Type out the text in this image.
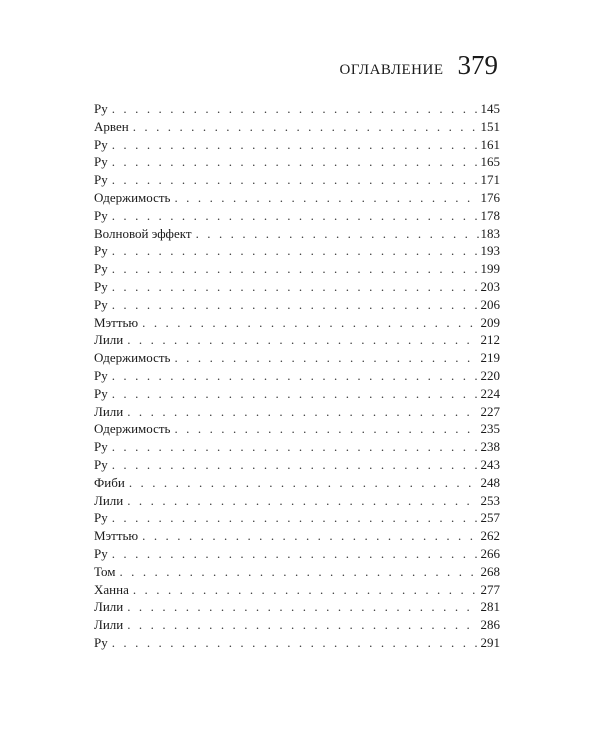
ОГЛАВЛЕНИЕ 379
Ру . . .	145
Арвен . . .	151
Ру . . .	161
Ру . . .	165
Ру . . .	171
Одержимость . . .	176
Ру . . .	178
Волновой эффект . . .	183
Ру . . .	193
Ру . . .	199
Ру . . .	203
Ру . . .	206
Мэттью . . .	209
Лили . . .	212
Одержимость . . .	219
Ру . . .	220
Ру . . .	224
Лили . . .	227
Одержимость . . .	235
Ру . . .	238
Ру . . .	243
Фиби . . .	248
Лили . . .	253
Ру . . .	257
Мэттью . . .	262
Ру . . .	266
Том . . .	268
Ханна . . .	277
Лили . . .	281
Лили . . .	286
Ру . . .	291
